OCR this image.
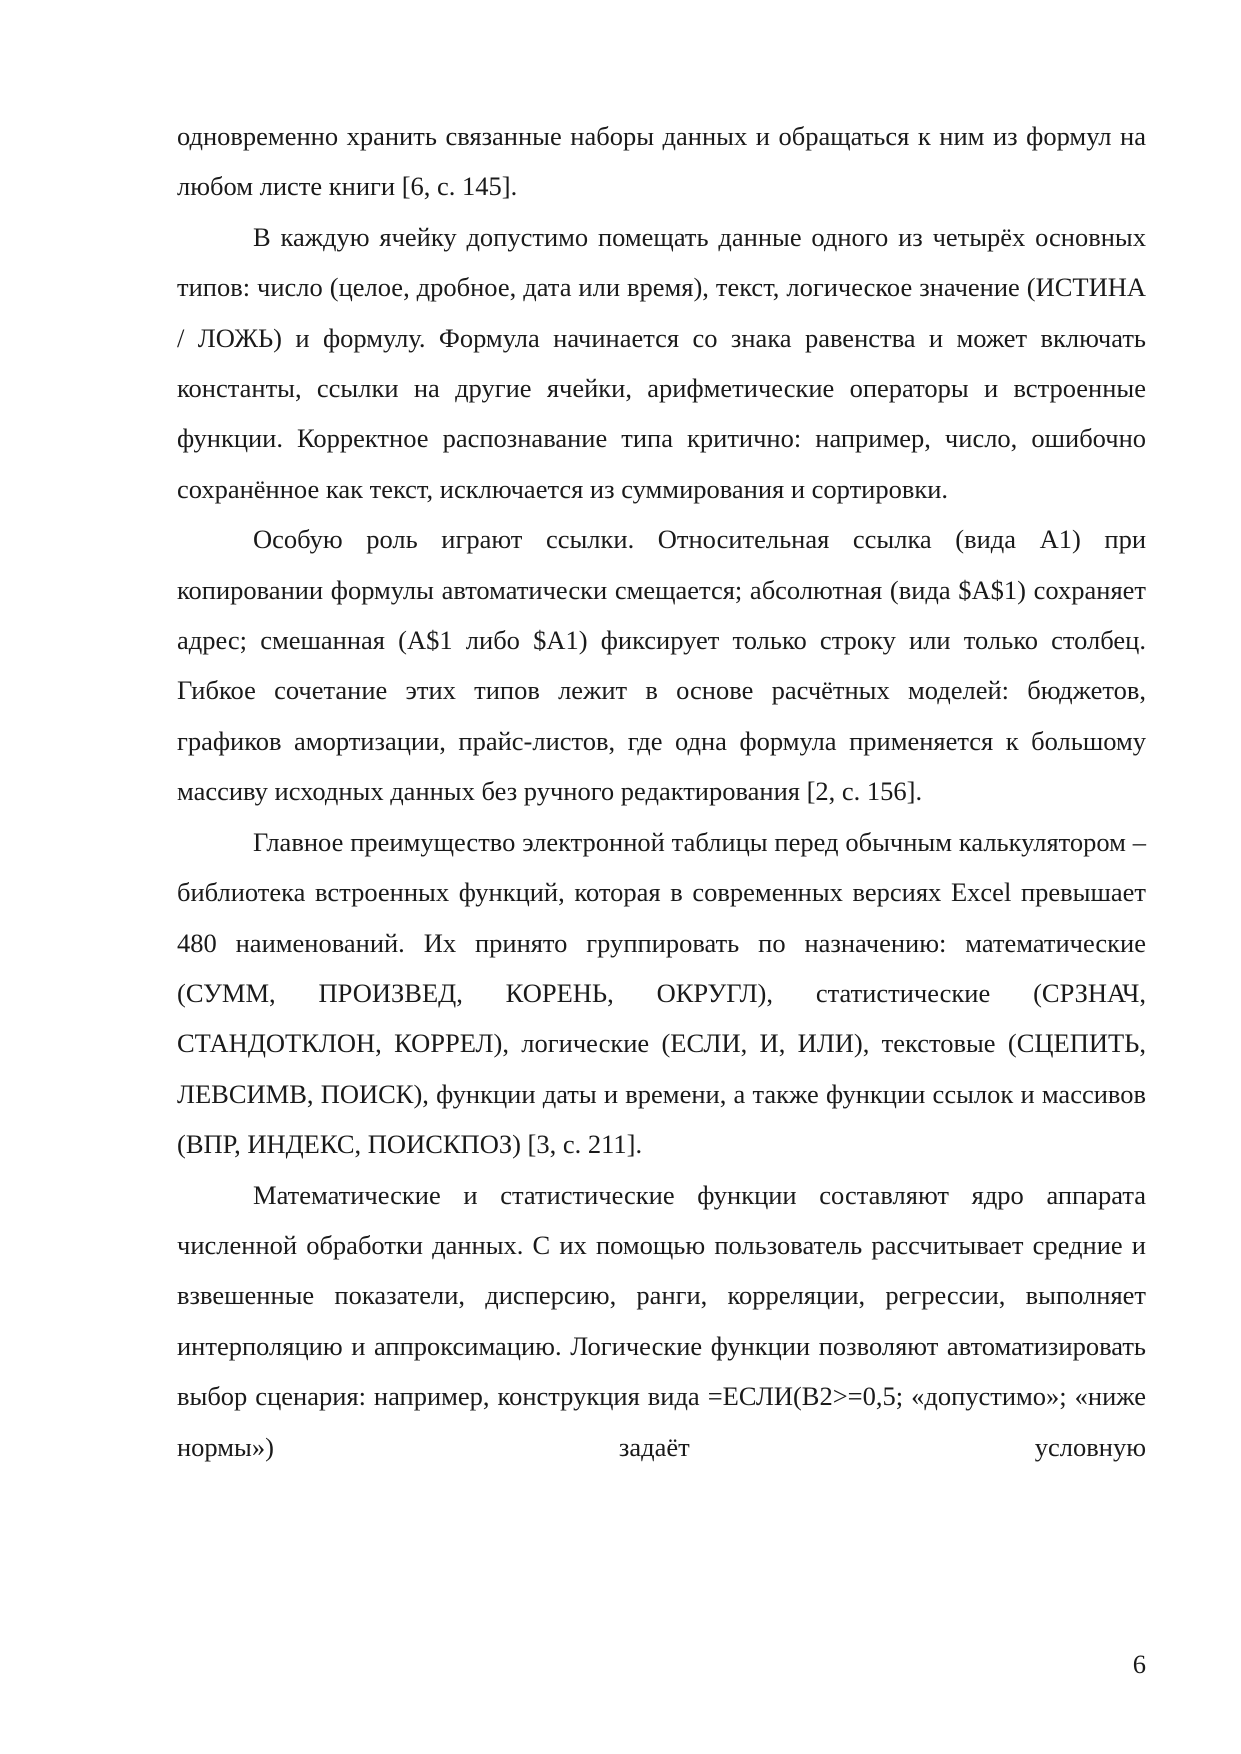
одновременно хранить связанные наборы данных и обращаться к ним из формул на любом листе книги [6, с. 145].

В каждую ячейку допустимо помещать данные одного из четырёх основных типов: число (целое, дробное, дата или время), текст, логическое значение (ИСТИНА / ЛОЖЬ) и формулу. Формула начинается со знака равенства и может включать константы, ссылки на другие ячейки, арифметические операторы и встроенные функции. Корректное распознавание типа критично: например, число, ошибочно сохранённое как текст, исключается из суммирования и сортировки.

Особую роль играют ссылки. Относительная ссылка (вида A1) при копировании формулы автоматически смещается; абсолютная (вида $A$1) сохраняет адрес; смешанная (A$1 либо $A1) фиксирует только строку или только столбец. Гибкое сочетание этих типов лежит в основе расчётных моделей: бюджетов, графиков амортизации, прайс-листов, где одна формула применяется к большому массиву исходных данных без ручного редактирования [2, с. 156].

Главное преимущество электронной таблицы перед обычным калькулятором – библиотека встроенных функций, которая в современных версиях Excel превышает 480 наименований. Их принято группировать по назначению: математические (СУММ, ПРОИЗВЕД, КОРЕНЬ, ОКРУГЛ), статистические (СРЗНАЧ, СТАНДОТКЛОН, КОРРЕЛ), логические (ЕСЛИ, И, ИЛИ), текстовые (СЦЕПИТЬ, ЛЕВСИМВ, ПОИСК), функции даты и времени, а также функции ссылок и массивов (ВПР, ИНДЕКС, ПОИСКПОЗ) [3, с. 211].

Математические и статистические функции составляют ядро аппарата численной обработки данных. С их помощью пользователь рассчитывает средние и взвешенные показатели, дисперсию, ранги, корреляции, регрессии, выполняет интерполяцию и аппроксимацию. Логические функции позволяют автоматизировать выбор сценария: например, конструкция вида =ЕСЛИ(B2>=0,5; «допустимо»; «ниже нормы») задаёт условную

6
